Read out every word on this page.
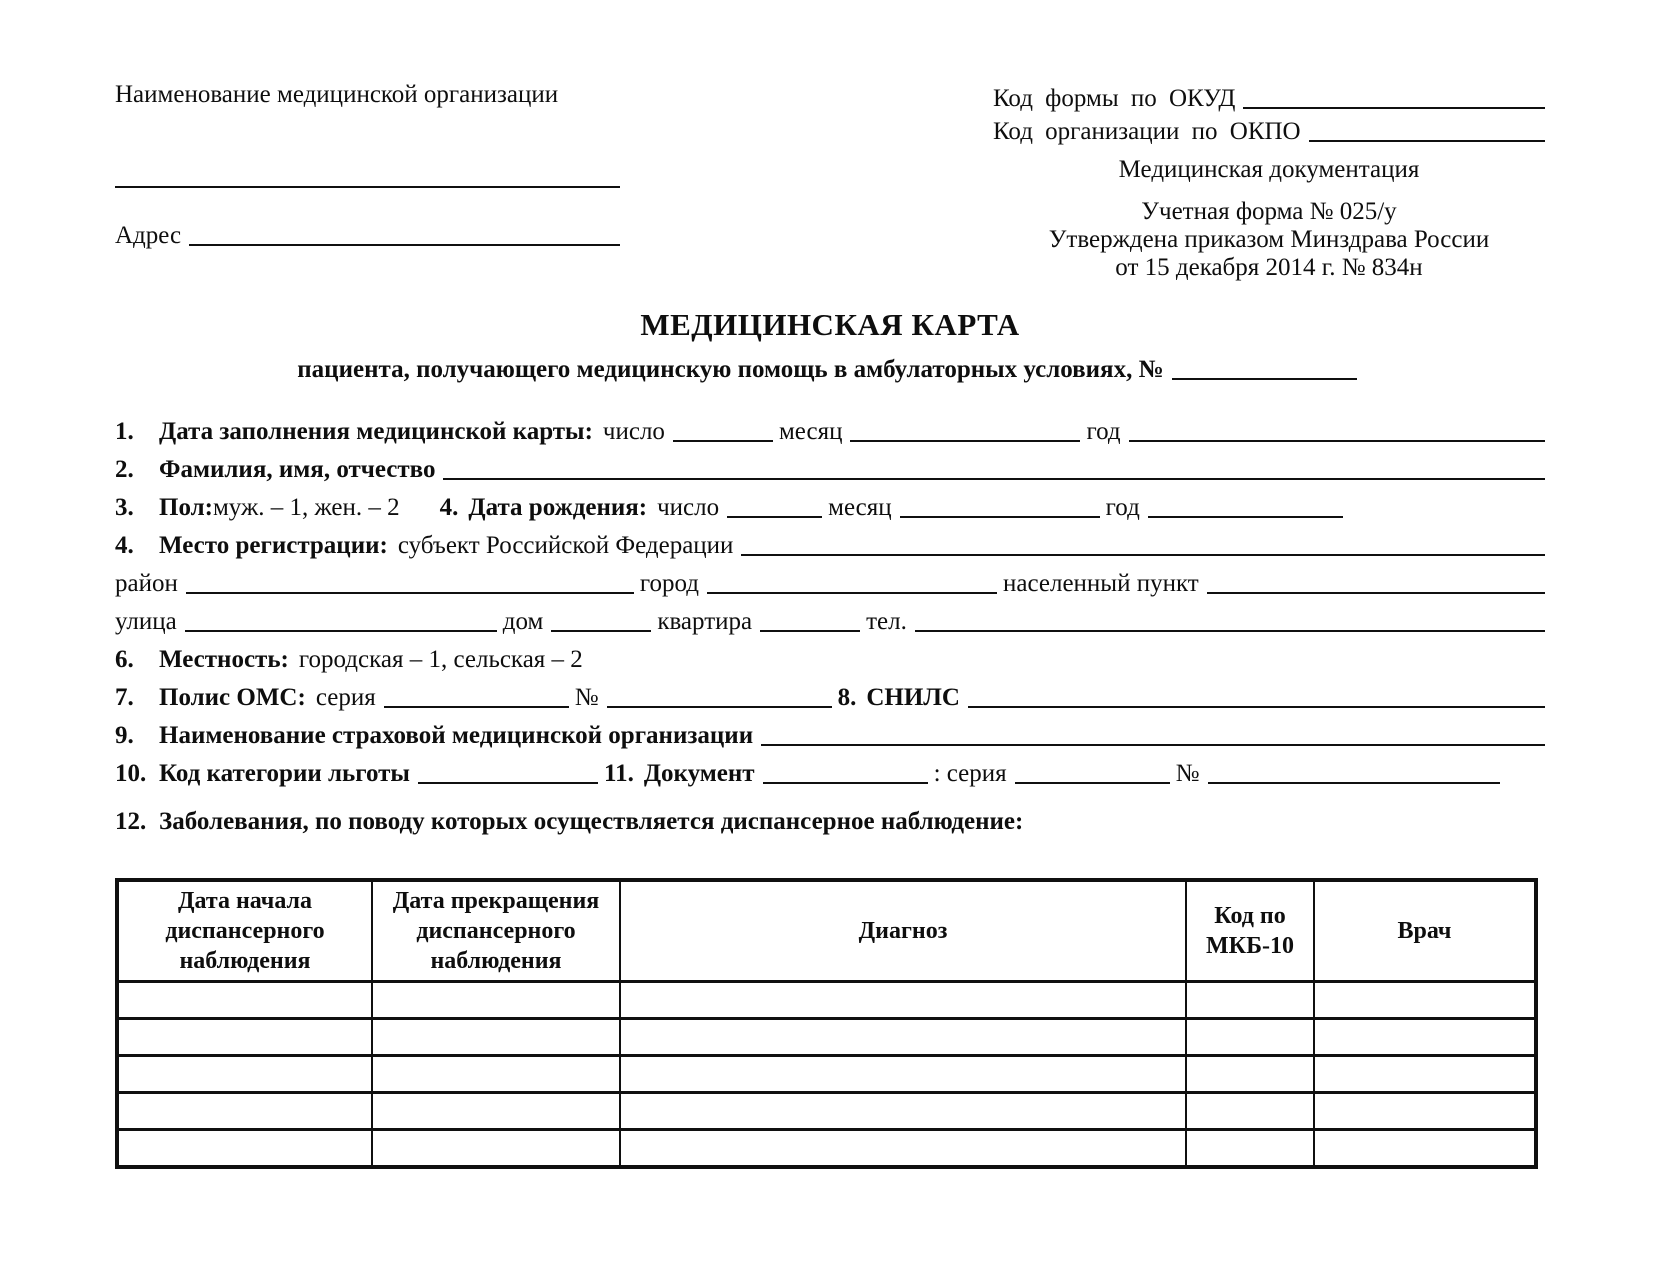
Наименование медицинской организации
Адрес
Код формы по ОКУД
Код организации по ОКПО
Медицинская документация
Учетная форма № 025/у
Утверждена приказом Минздрава России
от 15 декабря 2014 г. № 834н
МЕДИЦИНСКАЯ КАРТА
пациента, получающего медицинскую помощь в амбулаторных условиях, №
1.	Дата заполнения медицинской карты: число	месяц	год
2.	Фамилия, имя, отчество
3.	Пол: муж. – 1, жен. – 2 4. Дата рождения: число	месяц	год
4.	Место регистрации: субъект Российской Федерации
район	город	населенный пункт
улица	дом	квартира	тел.
6.	Местность: городская – 1, сельская – 2
7.	Полис ОМС: серия	№	8. СНИЛС
9.	Наименование страховой медицинской организации
10. Код категории льготы	11. Документ	: серия	№
12. Заболевания, по поводу которых осуществляется диспансерное наблюдение:
Дата начала диспансерного наблюдения	Дата прекращения диспансерного наблюдения	Диагноз	Код по МКБ-10	Врач
